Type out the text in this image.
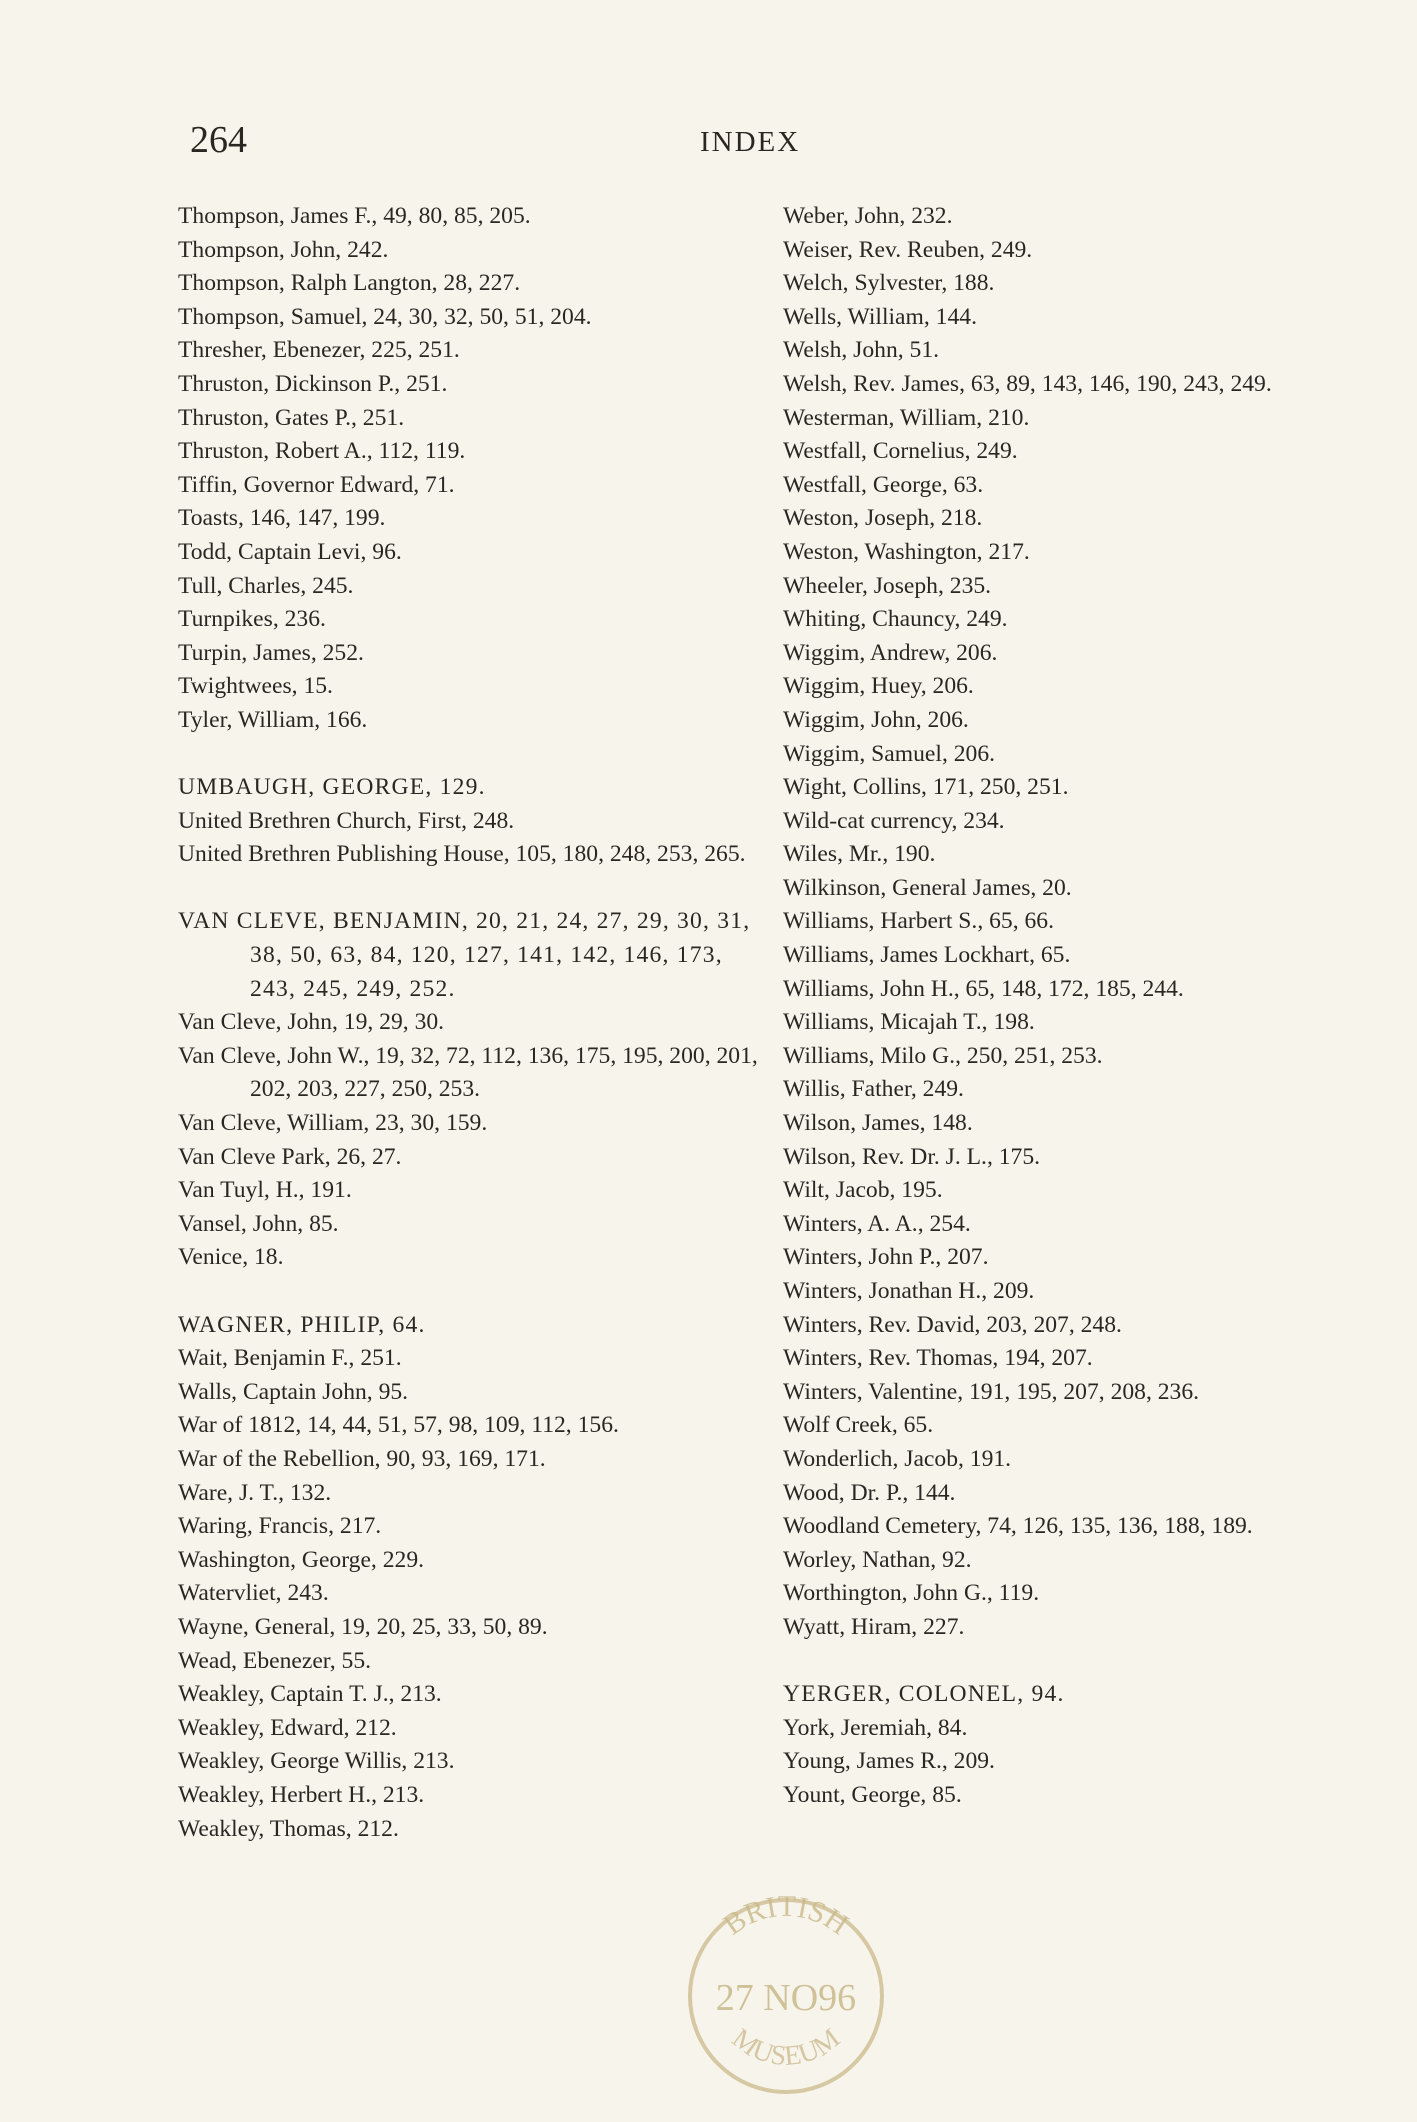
264	INDEX
Thompson, James F., 49, 80, 85, 205.
Thompson, John, 242.
Thompson, Ralph Langton, 28, 227.
Thompson, Samuel, 24, 30, 32, 50, 51, 204.
Thresher, Ebenezer, 225, 251.
Thruston, Dickinson P., 251.
Thruston, Gates P., 251.
Thruston, Robert A., 112, 119.
Tiffin, Governor Edward, 71.
Toasts, 146, 147, 199.
Todd, Captain Levi, 96.
Tull, Charles, 245.
Turnpikes, 236.
Turpin, James, 252.
Twightwees, 15.
Tyler, William, 166.
UMBAUGH, GEORGE, 129.
United Brethren Church, First, 248.
United Brethren Publishing House, 105, 180, 248, 253, 265.
VAN CLEVE, BENJAMIN, 20, 21, 24, 27, 29, 30, 31, 38, 50, 63, 84, 120, 127, 141, 142, 146, 173, 243, 245, 249, 252.
Van Cleve, John, 19, 29, 30.
Van Cleve, John W., 19, 32, 72, 112, 136, 175, 195, 200, 201, 202, 203, 227, 250, 253.
Van Cleve, William, 23, 30, 159.
Van Cleve Park, 26, 27.
Van Tuyl, H., 191.
Vansel, John, 85.
Venice, 18.
WAGNER, PHILIP, 64.
Wait, Benjamin F., 251.
Walls, Captain John, 95.
War of 1812, 14, 44, 51, 57, 98, 109, 112, 156.
War of the Rebellion, 90, 93, 169, 171.
Ware, J. T., 132.
Waring, Francis, 217.
Washington, George, 229.
Watervliet, 243.
Wayne, General, 19, 20, 25, 33, 50, 89.
Wead, Ebenezer, 55.
Weakley, Captain T. J., 213.
Weakley, Edward, 212.
Weakley, George Willis, 213.
Weakley, Herbert H., 213.
Weakley, Thomas, 212.
Weber, John, 232.
Weiser, Rev. Reuben, 249.
Welch, Sylvester, 188.
Wells, William, 144.
Welsh, John, 51.
Welsh, Rev. James, 63, 89, 143, 146, 190, 243, 249.
Westerman, William, 210.
Westfall, Cornelius, 249.
Westfall, George, 63.
Weston, Joseph, 218.
Weston, Washington, 217.
Wheeler, Joseph, 235.
Whiting, Chauncy, 249.
Wiggim, Andrew, 206.
Wiggim, Huey, 206.
Wiggim, John, 206.
Wiggim, Samuel, 206.
Wight, Collins, 171, 250, 251.
Wild-cat currency, 234.
Wiles, Mr., 190.
Wilkinson, General James, 20.
Williams, Harbert S., 65, 66.
Williams, James Lockhart, 65.
Williams, John H., 65, 148, 172, 185, 244.
Williams, Micajah T., 198.
Williams, Milo G., 250, 251, 253.
Willis, Father, 249.
Wilson, James, 148.
Wilson, Rev. Dr. J. L., 175.
Wilt, Jacob, 195.
Winters, A. A., 254.
Winters, John P., 207.
Winters, Jonathan H., 209.
Winters, Rev. David, 203, 207, 248.
Winters, Rev. Thomas, 194, 207.
Winters, Valentine, 191, 195, 207, 208, 236.
Wolf Creek, 65.
Wonderlich, Jacob, 191.
Wood, Dr. P., 144.
Woodland Cemetery, 74, 126, 135, 136, 188, 189.
Worley, Nathan, 92.
Worthington, John G., 119.
Wyatt, Hiram, 227.
YERGER, COLONEL, 94.
York, Jeremiah, 84.
Young, James R., 209.
Yount, George, 85.
BRITISH
27 NO96
MUSEUM
